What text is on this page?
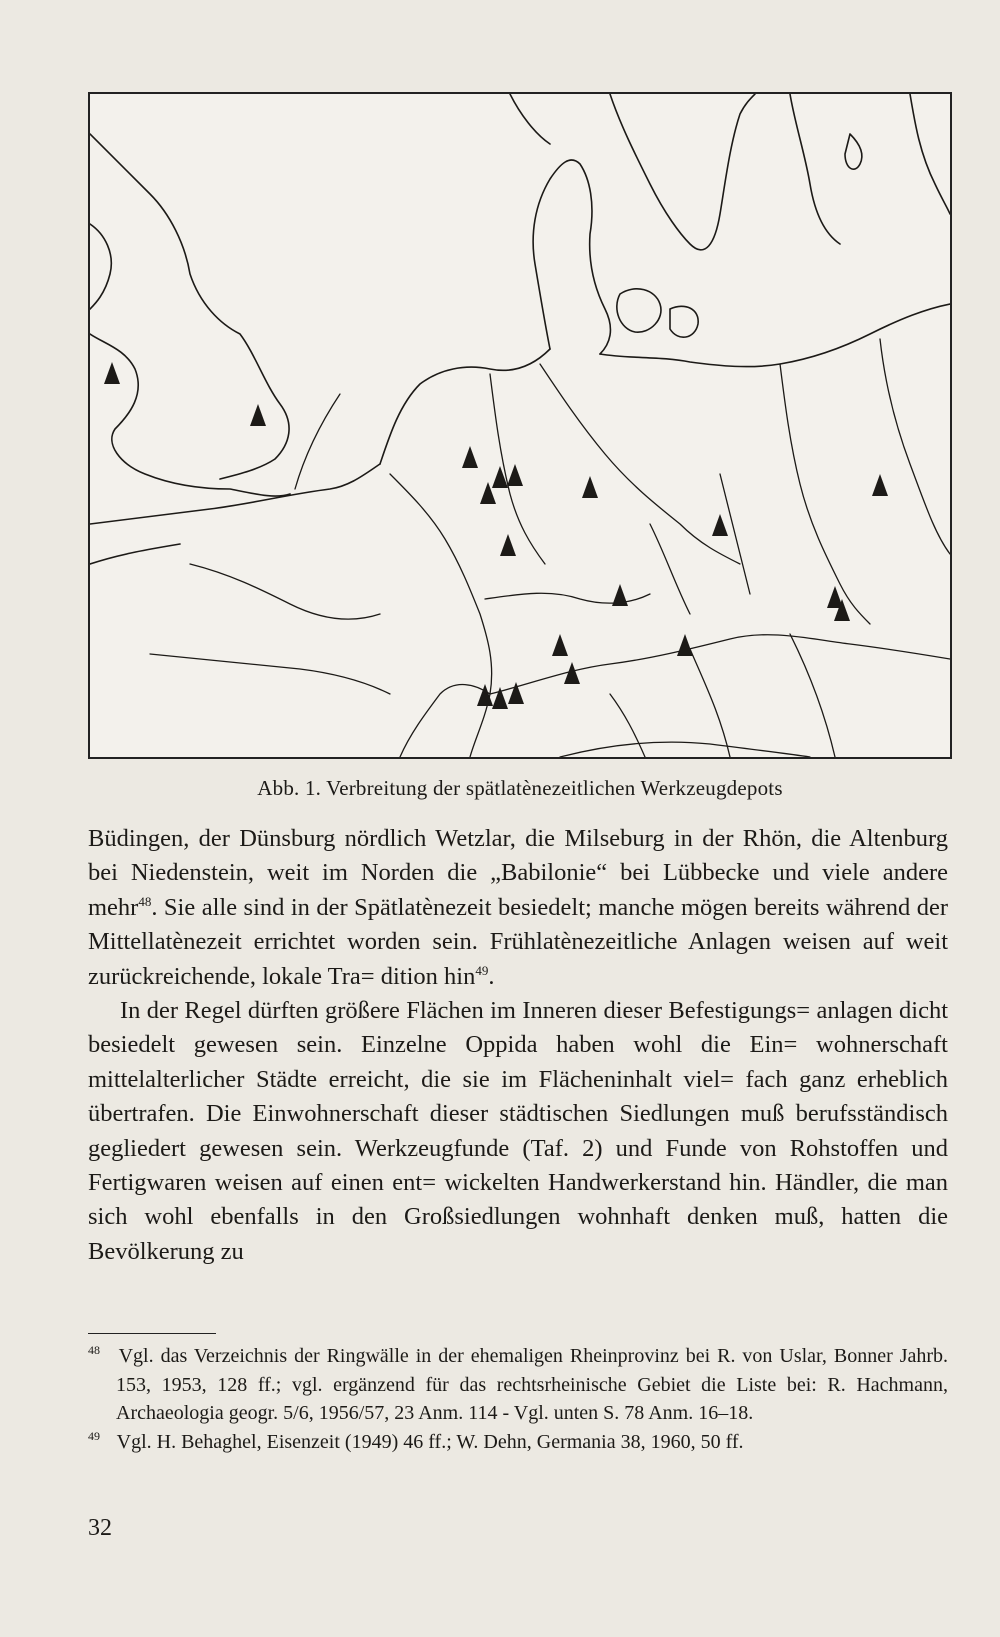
Abb. 1. Verbreitung der spätlatènezeitlichen Werkzeugdepots

Büdingen, der Dünsburg nördlich Wetzlar, die Milseburg in der Rhön, die Altenburg bei Niedenstein, weit im Norden die „Babilonie“ bei Lübbecke und viele andere mehr$^{48}$. Sie alle sind in der Spätlatènezeit besiedelt; manche mögen bereits während der Mittellatènezeit errichtet worden sein. Frühlatènezeitliche Anlagen weisen auf weit zurückreichende, lokale Tra= dition hin$^{49}$.

In der Regel dürften größere Flächen im Inneren dieser Befestigungs= anlagen dicht besiedelt gewesen sein. Einzelne Oppida haben wohl die Ein= wohnerschaft mittelalterlicher Städte erreicht, die sie im Flächeninhalt viel= fach ganz erheblich übertrafen. Die Einwohnerschaft dieser städtischen Siedlungen muß berufsständisch gegliedert gewesen sein. Werkzeugfunde (Taf. 2) und Funde von Rohstoffen und Fertigwaren weisen auf einen ent= wickelten Handwerkerstand hin. Händler, die man sich wohl ebenfalls in den Großsiedlungen wohnhaft denken muß, hatten die Bevölkerung zu

48 Vgl. das Verzeichnis der Ringwälle in der ehemaligen Rheinprovinz bei R. von Uslar, Bonner Jahrb. 153, 1953, 128 ff.; vgl. ergänzend für das rechtsrheinische Gebiet die Liste bei: R. Hachmann, Archaeologia geogr. 5/6, 1956/57, 23 Anm. 114 - Vgl. unten S. 78 Anm. 16–18.

49 Vgl. H. Behaghel, Eisenzeit (1949) 46 ff.; W. Dehn, Germania 38, 1960, 50 ff.

32
